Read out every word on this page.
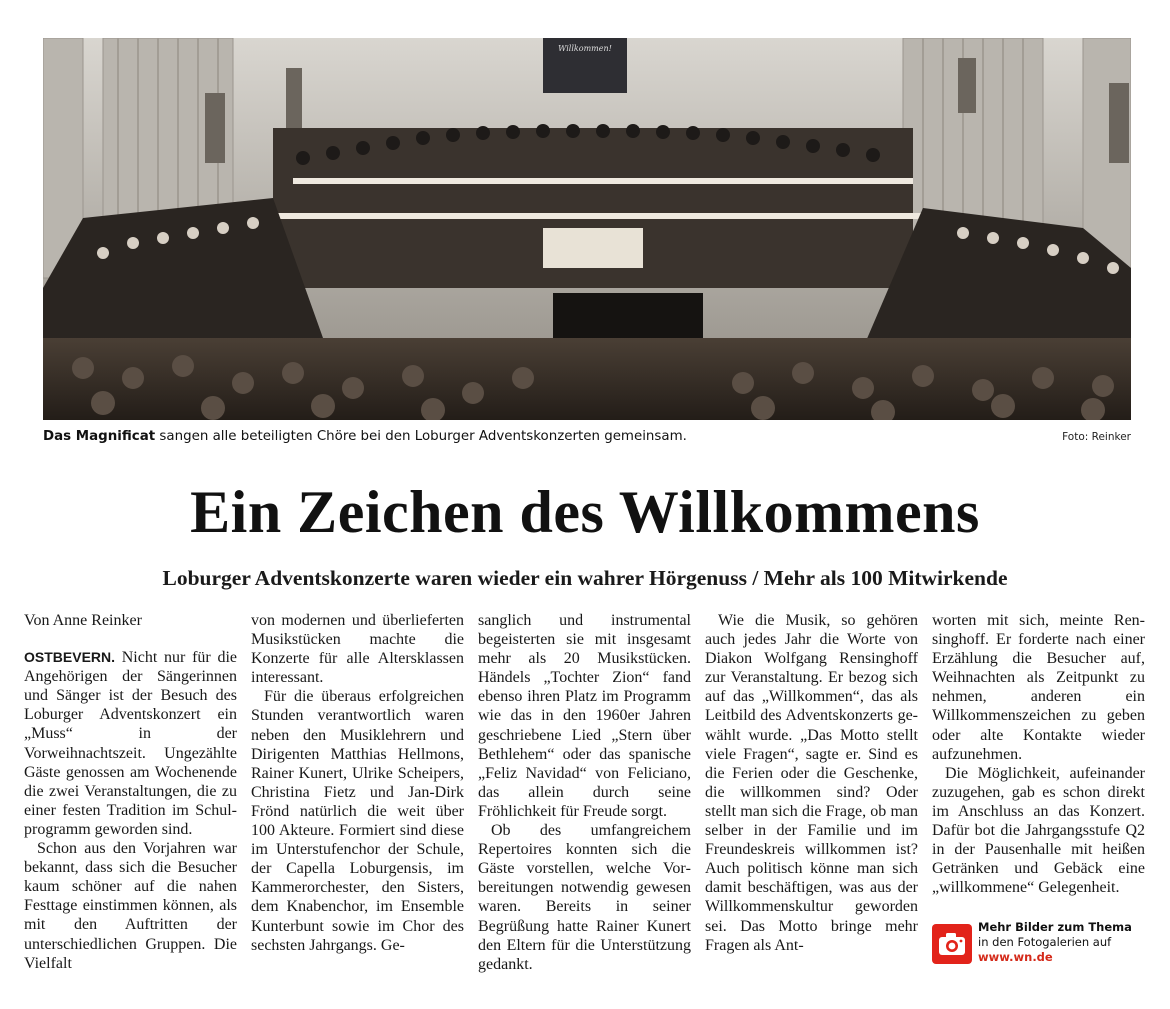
Willkommen!
Das Magnificat sangen alle beteiligten Chöre bei den Loburger Adventskonzerten gemeinsam.	Foto: Reinker
Ein Zeichen des Willkommens
Loburger Adventskonzerte waren wieder ein wahrer Hörgenuss / Mehr als 100 Mitwirkende
Von Anne Reinker

OSTBEVERN. Nicht nur für die Angehörigen der Sängerinnen und Sänger ist der Besuch des Loburger Adventskonzert ein „Muss“ in der Vorweihnachtszeit. Ungezählte Gäste genossen am Wochenende die zwei Veranstaltungen, die zu einer festen Tradition im Schulprogramm geworden sind.

Schon aus den Vorjahren war bekannt, dass sich die Besucher kaum schöner auf die nahen Festtage einstimmen können, als mit den Auftritten der unterschiedlichen Gruppen. Die Vielfalt

von modernen und überlieferten Musikstücken machte die Konzerte für alle Altersklassen interessant.

Für die überaus erfolgreichen Stunden verantwortlich waren neben den Musiklehrern und Dirigenten Matthias Hellmons, Rainer Kunert, Ulrike Scheipers, Christina Fietz und Jan-Dirk Frönd natürlich die weit über 100 Akteure. Formiert sind diese im Unterstufenchor der Schule, der Capella Loburgensis, im Kammerorchester, den Sisters, dem Knabenchor, im Ensemble Kunterbunt sowie im Chor des sechsten Jahrgangs. Ge-

sanglich und instrumental begeisterten sie mit insgesamt mehr als 20 Musikstücken. Händels „Tochter Zion“ fand ebenso ihren Platz im Programm wie das in den 1960er Jahren geschriebene Lied „Stern über Bethlehem“ oder das spanische „Feliz Navidad“ von Feliciano, das allein durch seine Fröhlichkeit für Freude sorgt.

Ob des umfangreichem Repertoires konnten sich die Gäste vorstellen, welche Vorbereitungen notwendig gewesen waren. Bereits in seiner Begrüßung hatte Rainer Kunert den Eltern für die Unterstützung gedankt.

Wie die Musik, so gehören auch jedes Jahr die Worte von Diakon Wolfgang Rensinghoff zur Veranstaltung. Er bezog sich auf das „Willkommen“, das als Leitbild des Adventskonzerts gewählt wurde. „Das Motto stellt viele Fragen“, sagte er. Sind es die Ferien oder die Geschenke, die willkommen sind? Oder stellt man sich die Frage, ob man selber in der Familie und im Freundeskreis willkommen ist? Auch politisch könne man sich damit beschäftigen, was aus der Willkommenskultur geworden sei. Das Motto bringe mehr Fragen als Ant-

worten mit sich, meinte Rensinghoff. Er forderte nach einer Erzählung die Besucher auf, Weihnachten als Zeitpunkt zu nehmen, anderen ein Willkommenszeichen zu geben oder alte Kontakte wieder aufzunehmen.

Die Möglichkeit, aufeinander zuzugehen, gab es schon direkt im Anschluss an das Konzert. Dafür bot die Jahrgangsstufe Q2 in der Pausenhalle mit heißen Getränken und Gebäck eine „willkommene“ Gelegenheit.

Mehr Bilder zum Thema
in den Fotogalerien auf
www.wn.de
